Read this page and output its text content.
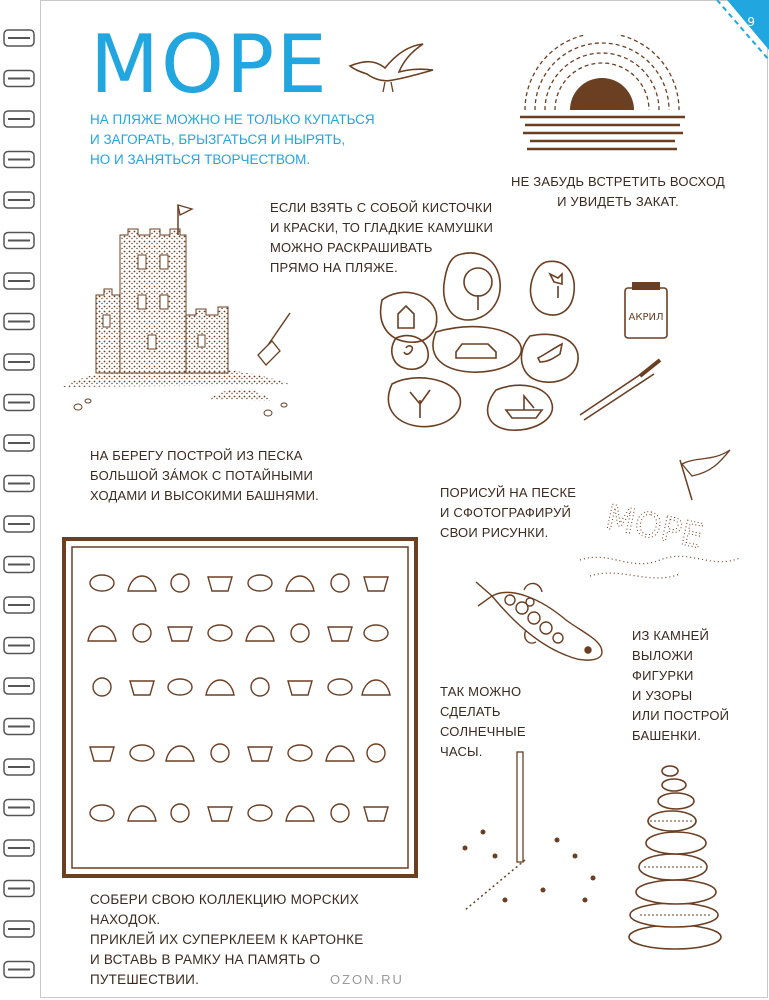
9
МОРЕ
НА ПЛЯЖЕ МОЖНО НЕ ТОЛЬКО КУПАТЬСЯ
И ЗАГОРАТЬ, БРЫЗГАТЬСЯ И НЫРЯТЬ,
НО И ЗАНЯТЬСЯ ТВОРЧЕСТВОМ.
НЕ ЗАБУДЬ ВСТРЕТИТЬ ВОСХОД
И УВИДЕТЬ ЗАКАТ.
ЕСЛИ ВЗЯТЬ С СОБОЙ КИСТОЧКИ
И КРАСКИ, ТО ГЛАДКИЕ КАМУШКИ
МОЖНО РАСКРАШИВАТЬ
ПРЯМО НА ПЛЯЖЕ.
АКРИЛ
НА БЕРЕГУ ПОСТРОЙ ИЗ ПЕСКА
БОЛЬШОЙ ЗА́МОК С ПОТАЙНЫМИ
ХОДАМИ И ВЫСОКИМИ БАШНЯМИ.	ПОРИСУЙ НА ПЕСКЕ
И СФОТОГРАФИРУЙ
СВОИ РИСУНКИ.	МОРЕ
ИЗ КАМНЕЙ
ВЫЛОЖИ
ФИГУРКИ
И УЗОРЫ
ИЛИ ПОСТРОЙ
БАШЕНКИ.
ТАК МОЖНО
СДЕЛАТЬ
СОЛНЕЧНЫЕ
ЧАСЫ.
СОБЕРИ СВОЮ КОЛЛЕКЦИЮ МОРСКИХ НАХОДОК.
ПРИКЛЕЙ ИХ СУПЕРКЛЕЕМ К КАРТОНКЕ
И ВСТАВЬ В РАМКУ НА ПАМЯТЬ О ПУТЕШЕСТВИИ.	OZON.RU
